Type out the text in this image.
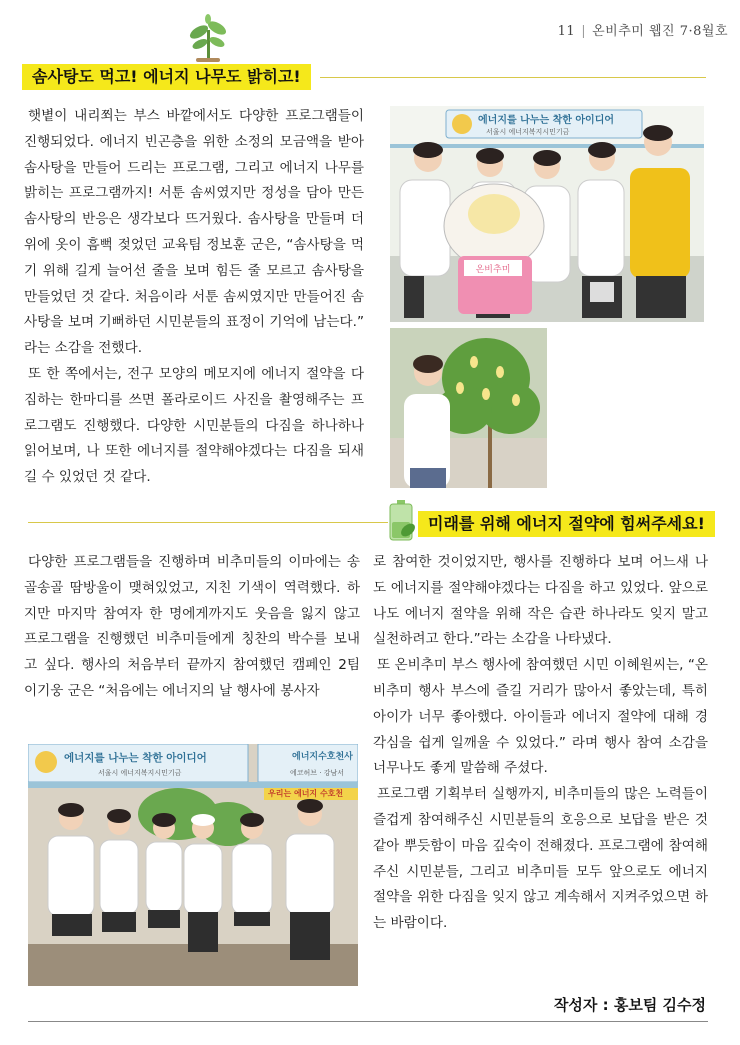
11 | 온비추미 웹진 7·8월호
솜사탕도 먹고! 에너지 나무도 밝히고!

햇볕이 내리쬐는 부스 바깥에서도 다양한 프로그램들이 진행되었다. 에너지 빈곤층을 위한 소정의 모금액을 받아 솜사탕을 만들어 드리는 프로그램, 그리고 에너지 나무를 밝히는 프로그램까지! 서툰 솜씨였지만 정성을 담아 만든 솜사탕의 반응은 생각보다 뜨거웠다. 솜사탕을 만들며 더위에 옷이 흠뻑 젖었던 교육팀 정보훈 군은, “솜사탕을 먹기 위해 길게 늘어선 줄을 보며 힘든 줄 모르고 솜사탕을 만들었던 것 같다. 처음이라 서툰 솜씨였지만 만들어진 솜사탕을 보며 기뻐하던 시민분들의 표정이 기억에 남는다.” 라는 소감을 전했다.

또 한 쪽에서는, 전구 모양의 메모지에 에너지 절약을 다짐하는 한마디를 쓰면 폴라로이드 사진을 촬영해주는 프로그램도 진행했다. 다양한 시민분들의 다짐을 하나하나 읽어보며, 나 또한 에너지를 절약해야겠다는 다짐을 되새길 수 있었던 것 같다.

온비추미
에너지를 나누는 착한 아이디어
서울시 에너지복지시민기금
미래를 위해 에너지 절약에 힘써주세요!

다양한 프로그램들을 진행하며 비추미들의 이마에는 송골송골 땀방울이 맺혀있었고, 지친 기색이 역력했다. 하지만 마지막 참여자 한 명에게까지도 웃음을 잃지 않고 프로그램을 진행했던 비추미들에게 칭찬의 박수를 보내고 싶다. 행사의 처음부터 끝까지 참여했던 캠페인 2팀 이기웅 군은 “처음에는 에너지의 날 행사에 봉사자

로 참여한 것이었지만, 행사를 진행하다 보며 어느새 나도 에너지를 절약해야겠다는 다짐을 하고 있었다. 앞으로 나도 에너지 절약을 위해 작은 습관 하나라도 잊지 말고 실천하려고 한다.”라는 소감을 나타냈다.

또 온비추미 부스 행사에 참여했던 시민 이혜원씨는, “온비추미 행사 부스에 즐길 거리가 많아서 좋았는데, 특히 아이가 너무 좋아했다. 아이들과 에너지 절약에 대해 경각심을 쉽게 일깨울 수 있었다.” 라며 행사 참여 소감을 너무나도 좋게 말씀해 주셨다.

프로그램 기획부터 실행까지, 비추미들의 많은 노력들이 즐겁게 참여해주신 시민분들의 호응으로 보답을 받은 것 같아 뿌듯함이 마음 깊숙이 전해졌다. 프로그램에 참여해주신 시민분들, 그리고 비추미들 모두 앞으로도 에너지 절약을 위한 다짐을 잊지 않고 계속해서 지켜주었으면 하는 바람이다.

에너지를 나누는 착한 아이디어
서울시 에너지복지시민기금
에너지수호천사
에코허브 · 강남서
우리는 에너지 수호천
작성자 : 홍보팀 김수정
